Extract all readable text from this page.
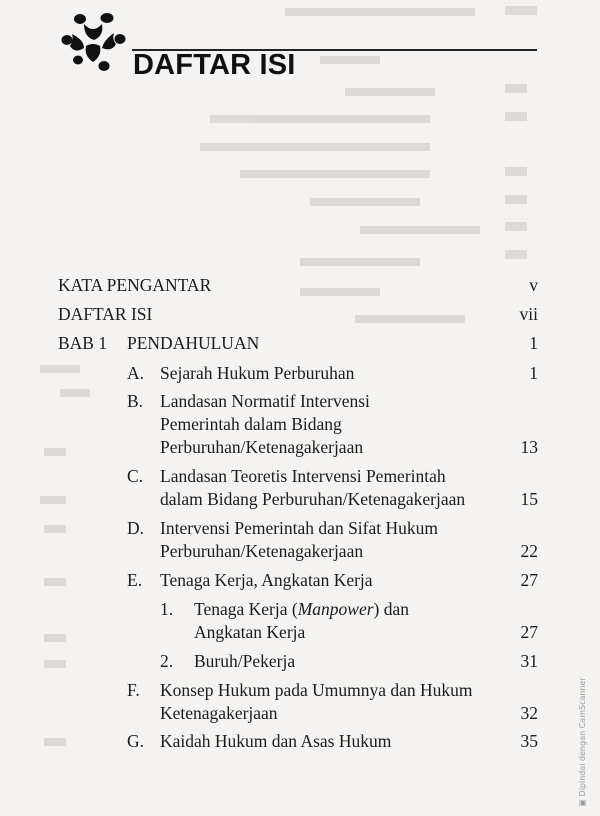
DAFTAR ISI
KATA PENGANTAR	v
DAFTAR ISI	vii
BAB 1 PENDAHULUAN	1
A. Sejarah Hukum Perburuhan	1
B. Landasan Normatif Intervensi
Pemerintah dalam Bidang
Perburuhan/Ketenagakerjaan	13
C. Landasan Teoretis Intervensi Pemerintah
dalam Bidang Perburuhan/Ketenagakerjaan	15
D. Intervensi Pemerintah dan Sifat Hukum
Perburuhan/Ketenagakerjaan	22
E. Tenaga Kerja, Angkatan Kerja	27
1. Tenaga Kerja (Manpower) dan
Angkatan Kerja	27
2. Buruh/Pekerja	31
F. Konsep Hukum pada Umumnya dan Hukum
Ketenagakerjaan	32
G. Kaidah Hukum dan Asas Hukum	35
▣ Dipindai dengan CamScanner
